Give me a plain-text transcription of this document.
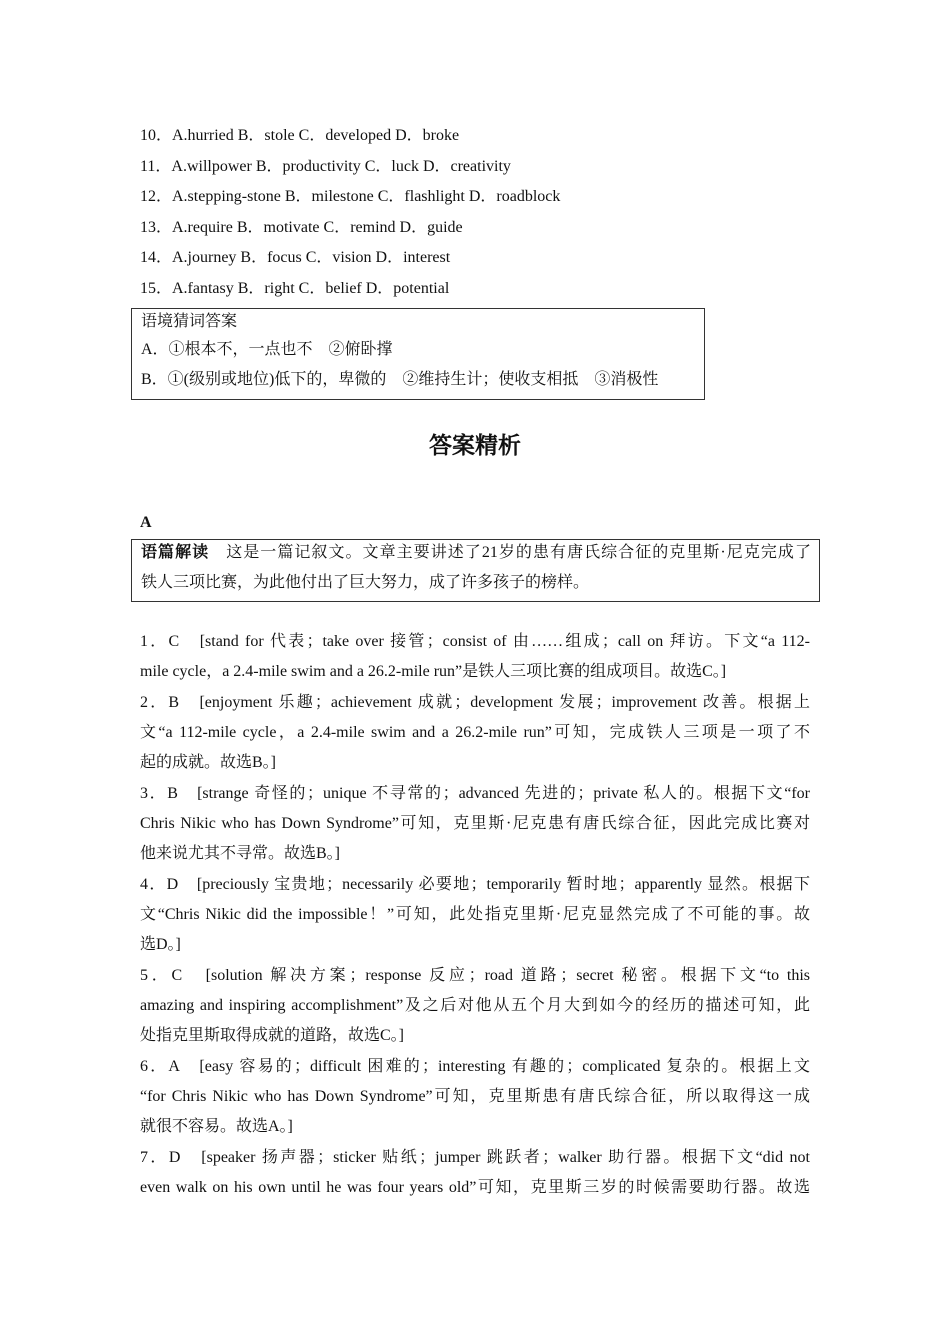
10．A.hurried B．stole C．developed D．broke
11．A.willpower B．productivity C．luck D．creativity
12．A.stepping-stone B．milestone C．flashlight D．roadblock
13．A.require B．motivate C．remind D．guide
14．A.journey B．focus C．vision D．interest
15．A.fantasy B．right C．belief D．potential
语境猜词答案
A．①根本不，一点也不　②俯卧撑
B．①(级别或地位)低下的，卑微的　②维持生计；使收支相抵　③消极性
答案精析
A
语篇解读　 这是一篇记叙文。文章主要讲述了21岁的患有唐氏综合征的克里斯·尼克完成了
铁人三项比赛，为此他付出了巨大努力，成了许多孩子的榜样。
1．C　[stand for 代表；take over 接管；consist of 由……组成；call on 拜访。下文“a 112-
mile cycle，a 2.4-mile swim and a 26.2-mile run”是铁人三项比赛的组成项目。故选C。]
2．B　[enjoyment 乐趣；achievement 成就；development 发展；improvement 改善。根据上
文“a 112-mile cycle，a 2.4-mile swim and a 26.2-mile run”可知，完成铁人三项是一项了不
起的成就。故选B。]
3．B　[strange 奇怪的；unique 不寻常的；advanced 先进的；private 私人的。根据下文“for
Chris Nikic who has Down Syndrome”可知，克里斯·尼克患有唐氏综合征，因此完成比赛对
他来说尤其不寻常。故选B。]
4．D　[preciously 宝贵地；necessarily 必要地；temporarily 暂时地；apparently 显然。根据下
文“Chris Nikic did the impossible！”可知，此处指克里斯·尼克显然完成了不可能的事。故
选D。]
5．C　[solution 解决方案；response 反应；road 道路；secret 秘密。根据下文“to this
amazing and inspiring accomplishment”及之后对他从五个月大到如今的经历的描述可知，此
处指克里斯取得成就的道路，故选C。]
6．A　[easy 容易的；difficult 困难的；interesting 有趣的；complicated 复杂的。根据上文
“for Chris Nikic who has Down Syndrome”可知，克里斯患有唐氏综合征，所以取得这一成
就很不容易。故选A。]
7．D　[speaker 扬声器；sticker 贴纸；jumper 跳跃者；walker 助行器。根据下文“did not
even walk on his own until he was four years old”可知，克里斯三岁的时候需要助行器。故选
